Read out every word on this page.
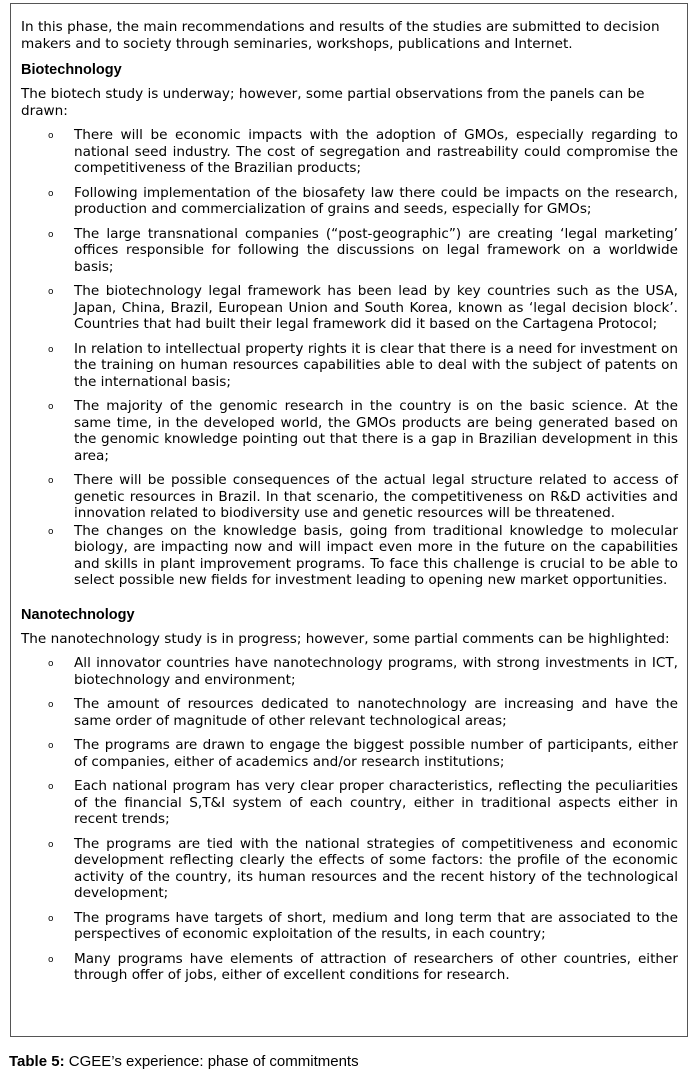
In this phase, the main recommendations and results of the studies are submitted to decision makers and to society through seminaries, workshops, publications and Internet.

Biotechnology

The biotech study is underway; however, some partial observations from the panels can be drawn:

o There will be economic impacts with the adoption of GMOs, especially regarding to national seed industry. The cost of segregation and rastreability could compromise the competitiveness of the Brazilian products;
o Following implementation of the biosafety law there could be impacts on the research, production and commercialization of grains and seeds, especially for GMOs;
o The large transnational companies (“post-geographic”) are creating ‘legal marketing’ offices responsible for following the discussions on legal framework on a worldwide basis;
o The biotechnology legal framework has been lead by key countries such as the USA, Japan, China, Brazil, European Union and South Korea, known as ‘legal decision block’. Countries that had built their legal framework did it based on the Cartagena Protocol;
o In relation to intellectual property rights it is clear that there is a need for investment on the training on human resources capabilities able to deal with the subject of patents on the international basis;
o The majority of the genomic research in the country is on the basic science. At the same time, in the developed world, the GMOs products are being generated based on the genomic knowledge pointing out that there is a gap in Brazilian development in this area;
o There will be possible consequences of the actual legal structure related to access of genetic resources in Brazil. In that scenario, the competitiveness on R&D activities and innovation related to biodiversity use and genetic resources will be threatened.
o The changes on the knowledge basis, going from traditional knowledge to molecular biology, are impacting now and will impact even more in the future on the capabilities and skills in plant improvement programs. To face this challenge is crucial to be able to select possible new fields for investment leading to opening new market opportunities.
Nanotechnology

The nanotechnology study is in progress; however, some partial comments can be highlighted:

o All innovator countries have nanotechnology programs, with strong investments in ICT, biotechnology and environment;
o The amount of resources dedicated to nanotechnology are increasing and have the same order of magnitude of other relevant technological areas;
o The programs are drawn to engage the biggest possible number of participants, either of companies, either of academics and/or research institutions;
o Each national program has very clear proper characteristics, reflecting the peculiarities of the financial S,T&I system of each country, either in traditional aspects either in recent trends;
o The programs are tied with the national strategies of competitiveness and economic development reflecting clearly the effects of some factors: the profile of the economic activity of the country, its human resources and the recent history of the technological development;
o The programs have targets of short, medium and long term that are associated to the perspectives of economic exploitation of the results, in each country;
o Many programs have elements of attraction of researchers of other countries, either through offer of jobs, either of excellent conditions for research.
Table 5: CGEE’s experience: phase of commitments
